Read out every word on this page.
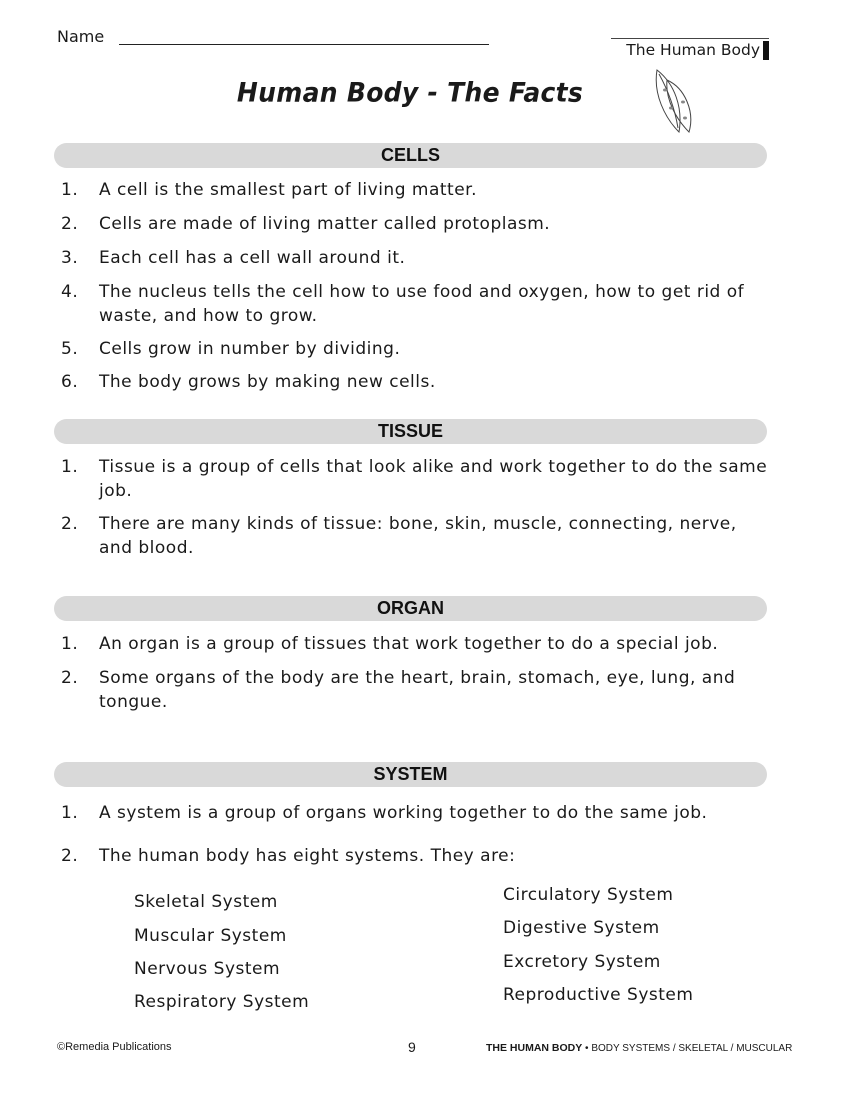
Name
The Human Body
Human Body - The Facts
CELLS
1.	A cell is the smallest part of living matter.
2.	Cells are made of living matter called protoplasm.
3.	Each cell has a cell wall around it.
4.	The nucleus tells the cell how to use food and oxygen, how to get rid of waste, and how to grow.
5.	Cells grow in number by dividing.
6.	The body grows by making new cells.
TISSUE
1.	Tissue is a group of cells that look alike and work together to do the same job.
2.	There are many kinds of tissue: bone, skin, muscle, connecting, nerve, and blood.
ORGAN
1.	An organ is a group of tissues that work together to do a special job.
2.	Some organs of the body are the heart, brain, stomach, eye, lung, and tongue.
SYSTEM
1.	A system is a group of organs working together to do the same job.
2.	The human body has eight systems. They are:
Skeletal System
Muscular System
Nervous System
Respiratory System
Circulatory System
Digestive System
Excretory System
Reproductive System
©Remedia Publications	9	THE HUMAN BODY • BODY SYSTEMS / SKELETAL / MUSCULAR
